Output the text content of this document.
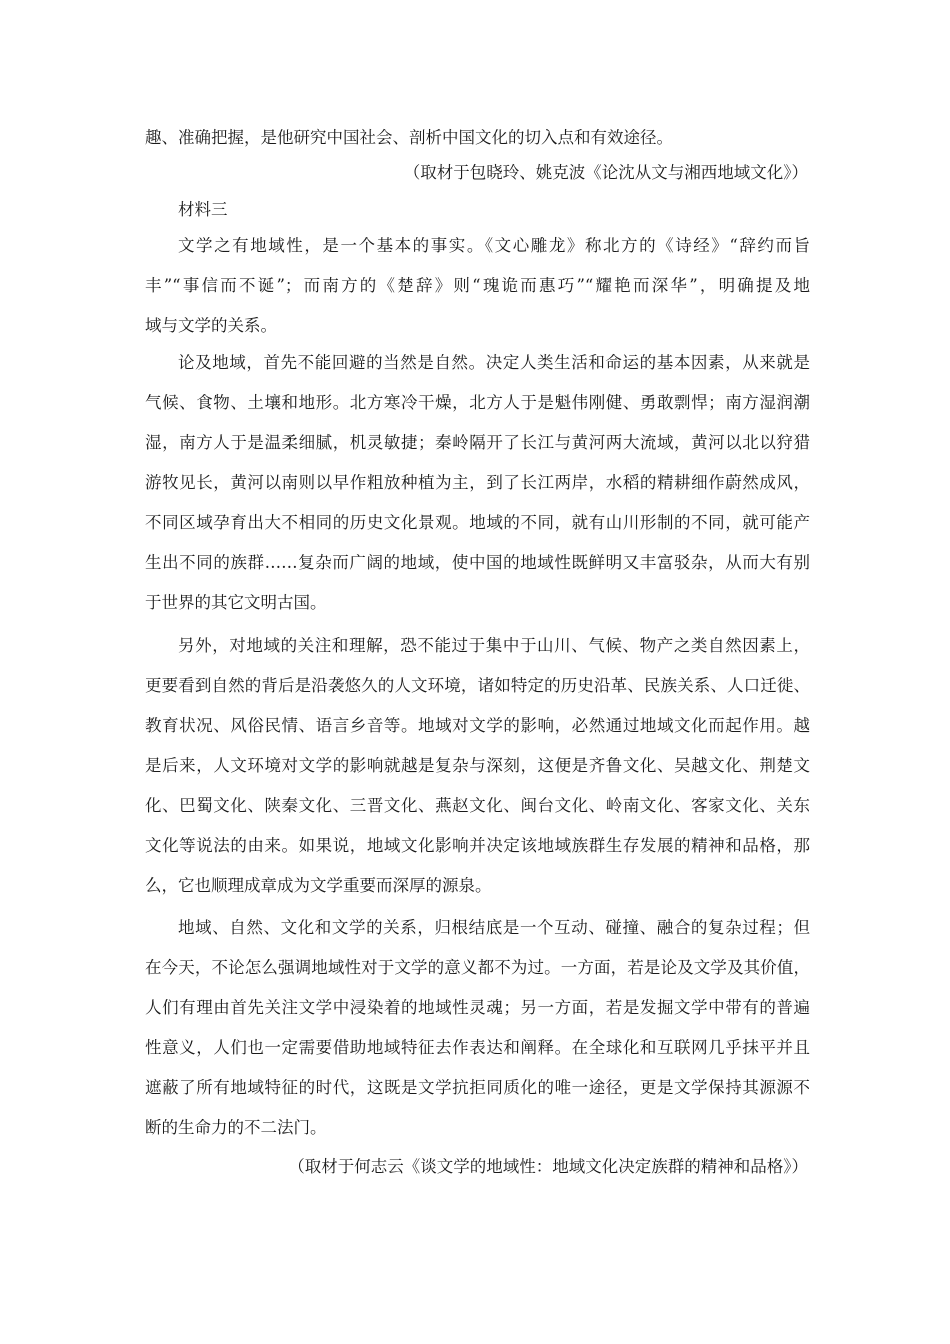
趣、准确把握，是他研究中国社会、剖析中国文化的切入点和有效途径。
（取材于包晓玲、姚克波《论沈从文与湘西地域文化》）
材料三
文学之有地域性，是一个基本的事实。《文心雕龙》称北方的《诗经》“辞约而旨
丰”“事信而不诞”；而南方的《楚辞》则“瑰诡而惠巧”“耀艳而深华”，明确提及地
域与文学的关系。
论及地域，首先不能回避的当然是自然。决定人类生活和命运的基本因素，从来就是
气候、食物、土壤和地形。北方寒冷干燥，北方人于是魁伟刚健、勇敢剽悍；南方湿润潮
湿，南方人于是温柔细腻，机灵敏捷；秦岭隔开了长江与黄河两大流域，黄河以北以狩猎
游牧见长，黄河以南则以早作粗放种植为主，到了长江两岸，水稻的精耕细作蔚然成风，
不同区域孕育出大不相同的历史文化景观。地域的不同，就有山川形制的不同，就可能产
生出不同的族群……复杂而广阔的地域，使中国的地域性既鲜明又丰富驳杂，从而大有别
于世界的其它文明古国。
另外，对地域的关注和理解，恐不能过于集中于山川、气候、物产之类自然因素上，
更要看到自然的背后是沿袭悠久的人文环境，诸如特定的历史沿革、民族关系、人口迁徙、
教育状况、风俗民情、语言乡音等。地域对文学的影响，必然通过地域文化而起作用。越
是后来，人文环境对文学的影响就越是复杂与深刻，这便是齐鲁文化、吴越文化、荆楚文
化、巴蜀文化、陕秦文化、三晋文化、燕赵文化、闽台文化、岭南文化、客家文化、关东
文化等说法的由来。如果说，地域文化影响并决定该地域族群生存发展的精神和品格，那
么，它也顺理成章成为文学重要而深厚的源泉。
地域、自然、文化和文学的关系，归根结底是一个互动、碰撞、融合的复杂过程；但
在今天，不论怎么强调地域性对于文学的意义都不为过。一方面，若是论及文学及其价值，
人们有理由首先关注文学中浸染着的地域性灵魂；另一方面，若是发掘文学中带有的普遍
性意义，人们也一定需要借助地域特征去作表达和阐释。在全球化和互联网几乎抹平并且
遮蔽了所有地域特征的时代，这既是文学抗拒同质化的唯一途径，更是文学保持其源源不
断的生命力的不二法门。
（取材于何志云《谈文学的地域性：地域文化决定族群的精神和品格》）
